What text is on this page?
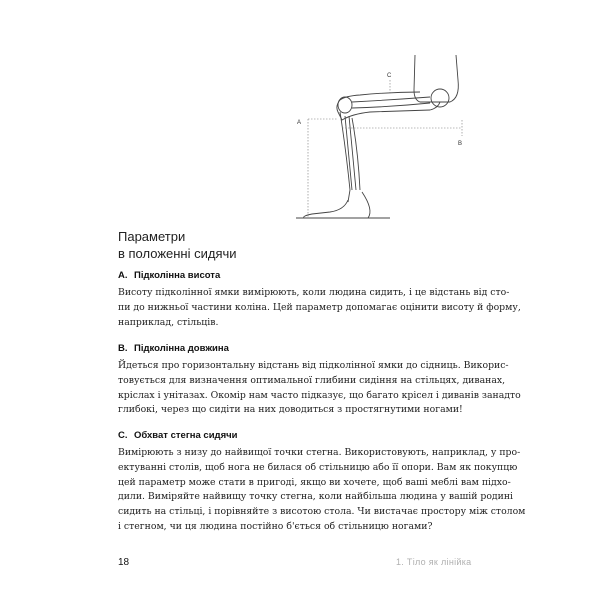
A
B
C
Параметри
в положенні сидячи
A. Підколінна висота
Висоту підколінної ямки вимірюють, коли людина сидить, і це відстань від сто-
пи до нижньої частини коліна. Цей параметр допомагає оцінити висоту й форму,
наприклад, стільців.
B. Підколінна довжина
Йдеться про горизонтальну відстань від підколінної ямки до сідниць. Викорис-
товується для визначення оптимальної глибини сидіння на стільцях, диванах,
кріслах і унітазах. Окомір нам часто підказує, що багато крісел і диванів занадто
глибокі, через що сидіти на них доводиться з простягнутими ногами!
C. Обхват стегна сидячи
Вимірюють з низу до найвищої точки стегна. Використовують, наприклад, у про-
ектуванні столів, щоб нога не билася об стільницю або її опори. Вам як покупцю
цей параметр може стати в пригоді, якщо ви хочете, щоб ваші меблі вам підхо-
дили. Виміряйте найвищу точку стегна, коли найбільша людина у вашій родині
сидить на стільці, і порівняйте з висотою стола. Чи вистачає простору між столом
і стегном, чи ця людина постійно б'ється об стільницю ногами?
18	1. Тіло як лінійка
